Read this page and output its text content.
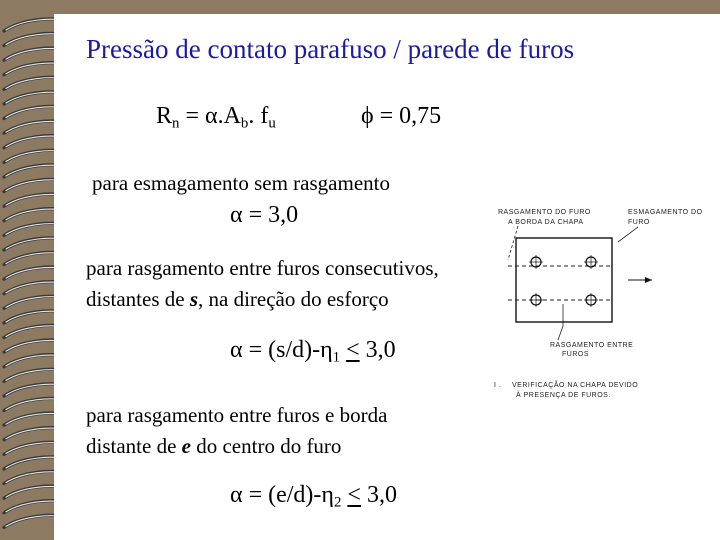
Pressão de contato parafuso / parede de furos
$R_n = \alpha.A_b$. $f_u$	ϕ = 0,75
para esmagamento sem rasgamento
α = 3,0
para rasgamento entre furos consecutivos,
distantes de s, na direção do esforço
$\alpha = (s/d)-\eta_1 \le 3,0$
para rasgamento entre furos e borda
distante de e do centro do furo
$\alpha = (e/d)-\eta_2 \le 3,0$
RASGAMENTO DO FURO
A BORDA DA CHAPA
ESMAGAMENTO DO
FURO
RASGAMENTO ENTRE
FUROS
I . VERIFICAÇÃO NA CHAPA DEVIDO
À PRESENÇA DE FUROS.
